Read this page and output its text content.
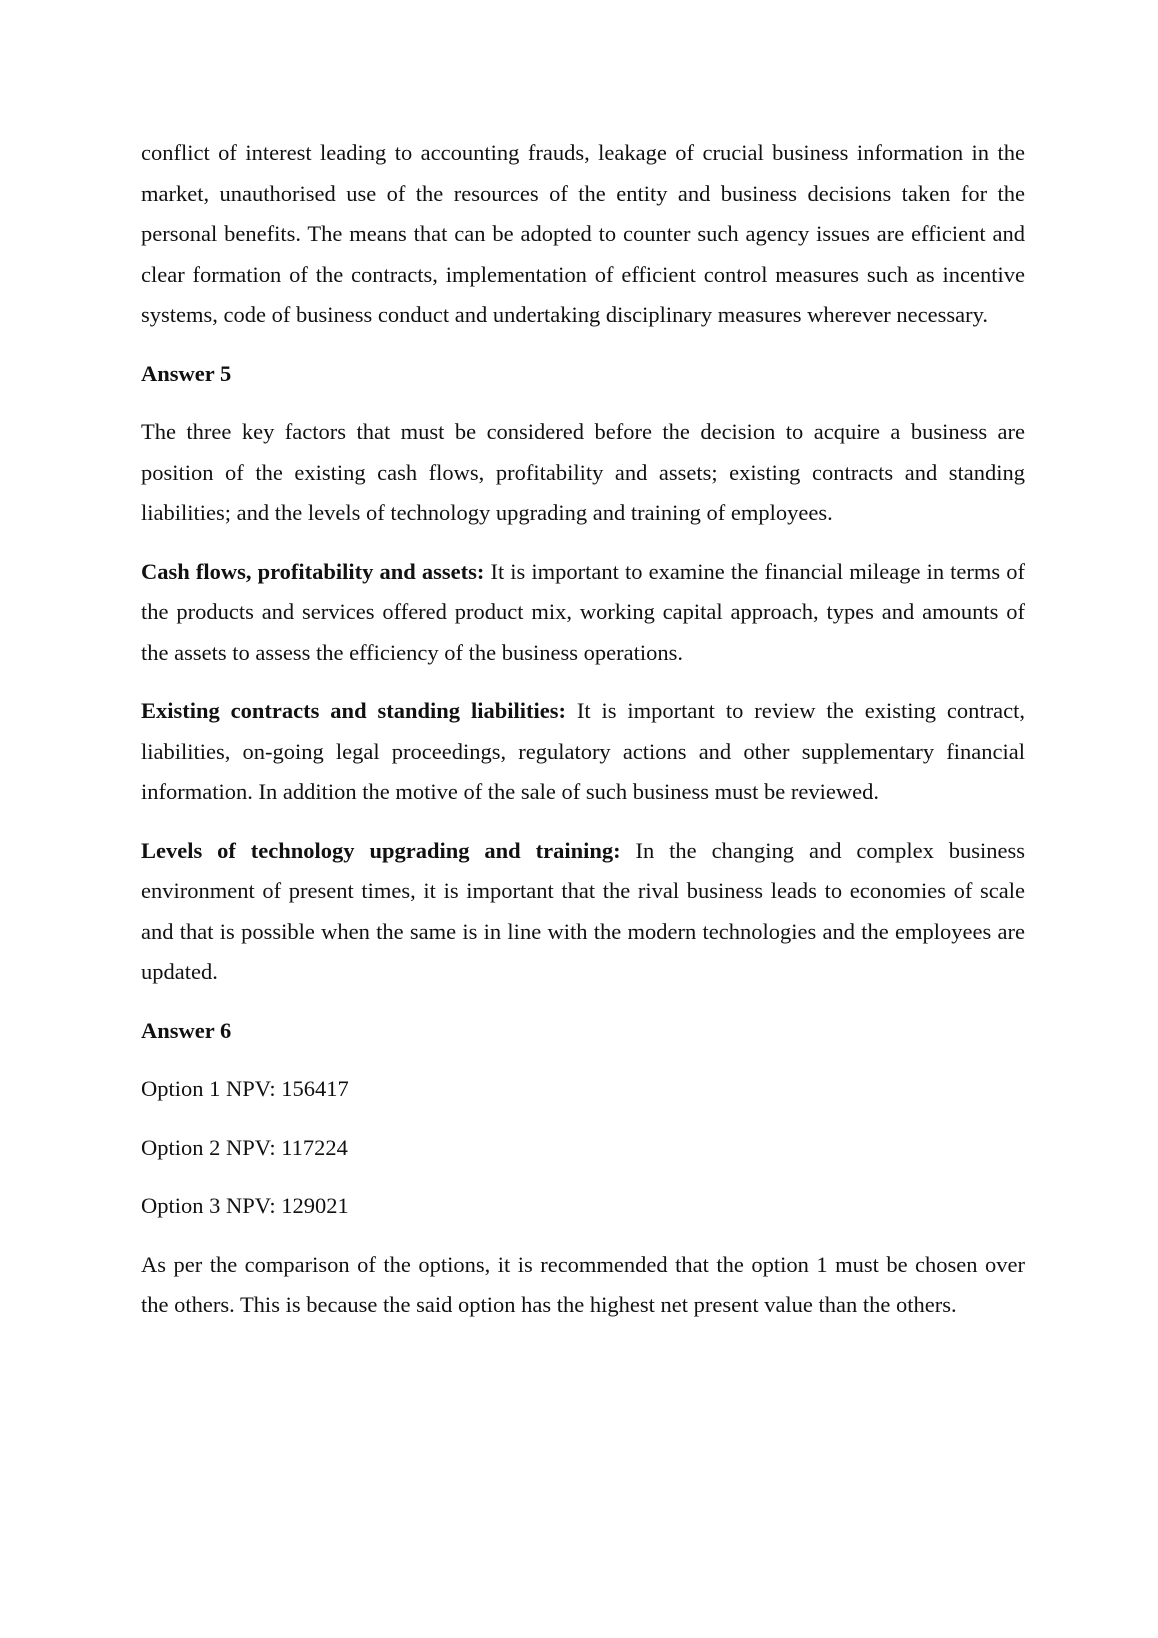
conflict of interest leading to accounting frauds, leakage of crucial business information in the market, unauthorised use of the resources of the entity and business decisions taken for the personal benefits. The means that can be adopted to counter such agency issues are efficient and clear formation of the contracts, implementation of efficient control measures such as incentive systems, code of business conduct and undertaking disciplinary measures wherever necessary.

Answer 5

The three key factors that must be considered before the decision to acquire a business are position of the existing cash flows, profitability and assets; existing contracts and standing liabilities; and the levels of technology upgrading and training of employees.

Cash flows, profitability and assets: It is important to examine the financial mileage in terms of the products and services offered product mix, working capital approach, types and amounts of the assets to assess the efficiency of the business operations.

Existing contracts and standing liabilities: It is important to review the existing contract, liabilities, on-going legal proceedings, regulatory actions and other supplementary financial information. In addition the motive of the sale of such business must be reviewed.

Levels of technology upgrading and training: In the changing and complex business environment of present times, it is important that the rival business leads to economies of scale and that is possible when the same is in line with the modern technologies and the employees are updated.

Answer 6

Option 1 NPV: 156417

Option 2 NPV: 117224

Option 3 NPV: 129021

As per the comparison of the options, it is recommended that the option 1 must be chosen over the others. This is because the said option has the highest net present value than the others.
